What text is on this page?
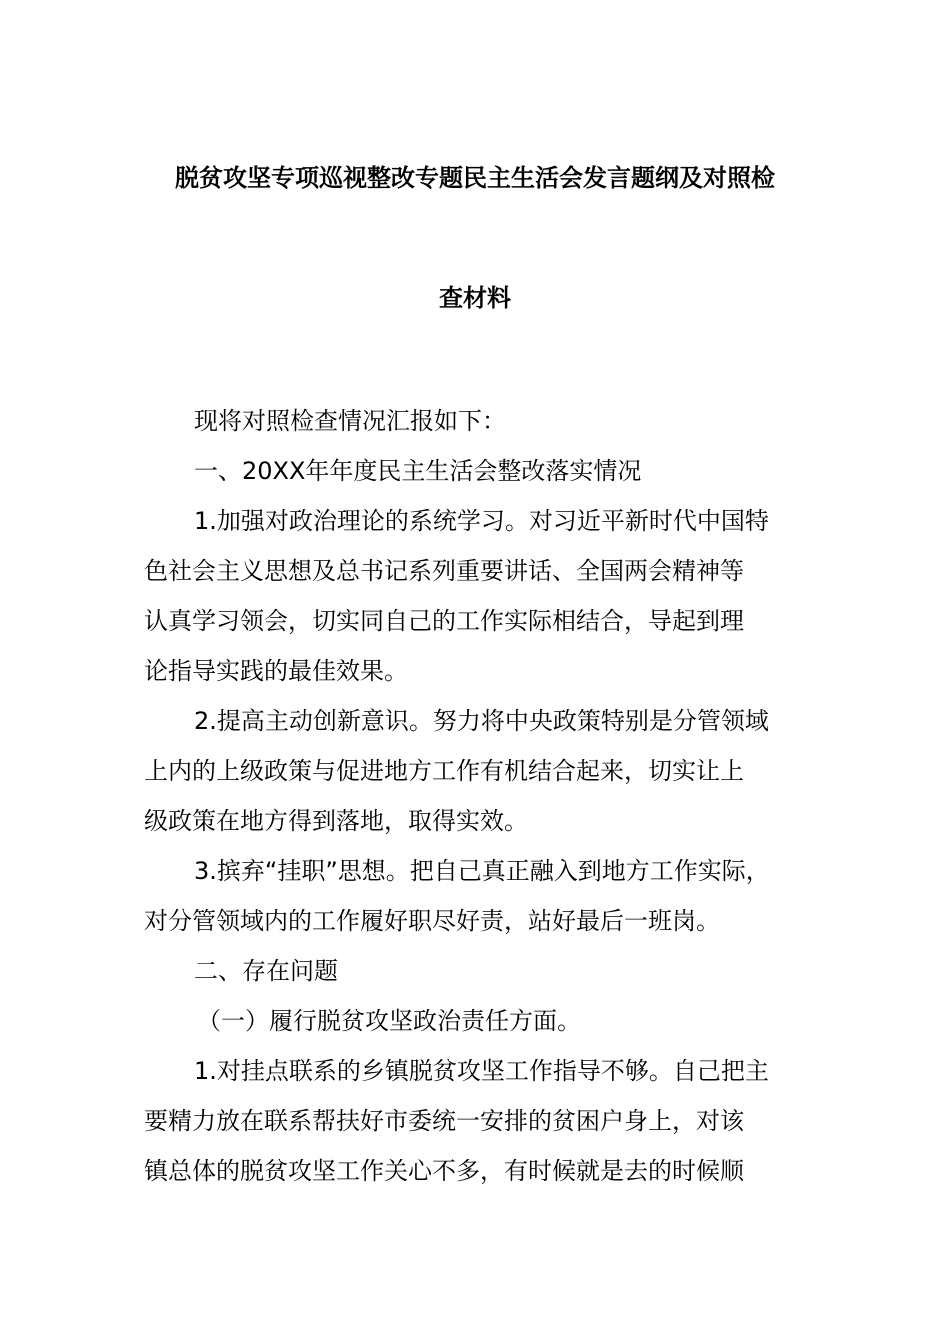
脱贫攻坚专项巡视整改专题民主生活会发言题纲及对照检
查材料
现将对照检查情况汇报如下：
一、20XX年年度民主生活会整改落实情况
1.加强对政治理论的系统学习。对习近平新时代中国特
色社会主义思想及总书记系列重要讲话、全国两会精神等
认真学习领会，切实同自己的工作实际相结合，导起到理
论指导实践的最佳效果。
2.提高主动创新意识。努力将中央政策特别是分管领域
上内的上级政策与促进地方工作有机结合起来，切实让上
级政策在地方得到落地，取得实效。
3.摈弃“挂职”思想。把自己真正融入到地方工作实际，
对分管领域内的工作履好职尽好责，站好最后一班岗。
二、存在问题
（一）履行脱贫攻坚政治责任方面。
1.对挂点联系的乡镇脱贫攻坚工作指导不够。自己把主
要精力放在联系帮扶好市委统一安排的贫困户身上，对该
镇总体的脱贫攻坚工作关心不多，有时候就是去的时候顺
